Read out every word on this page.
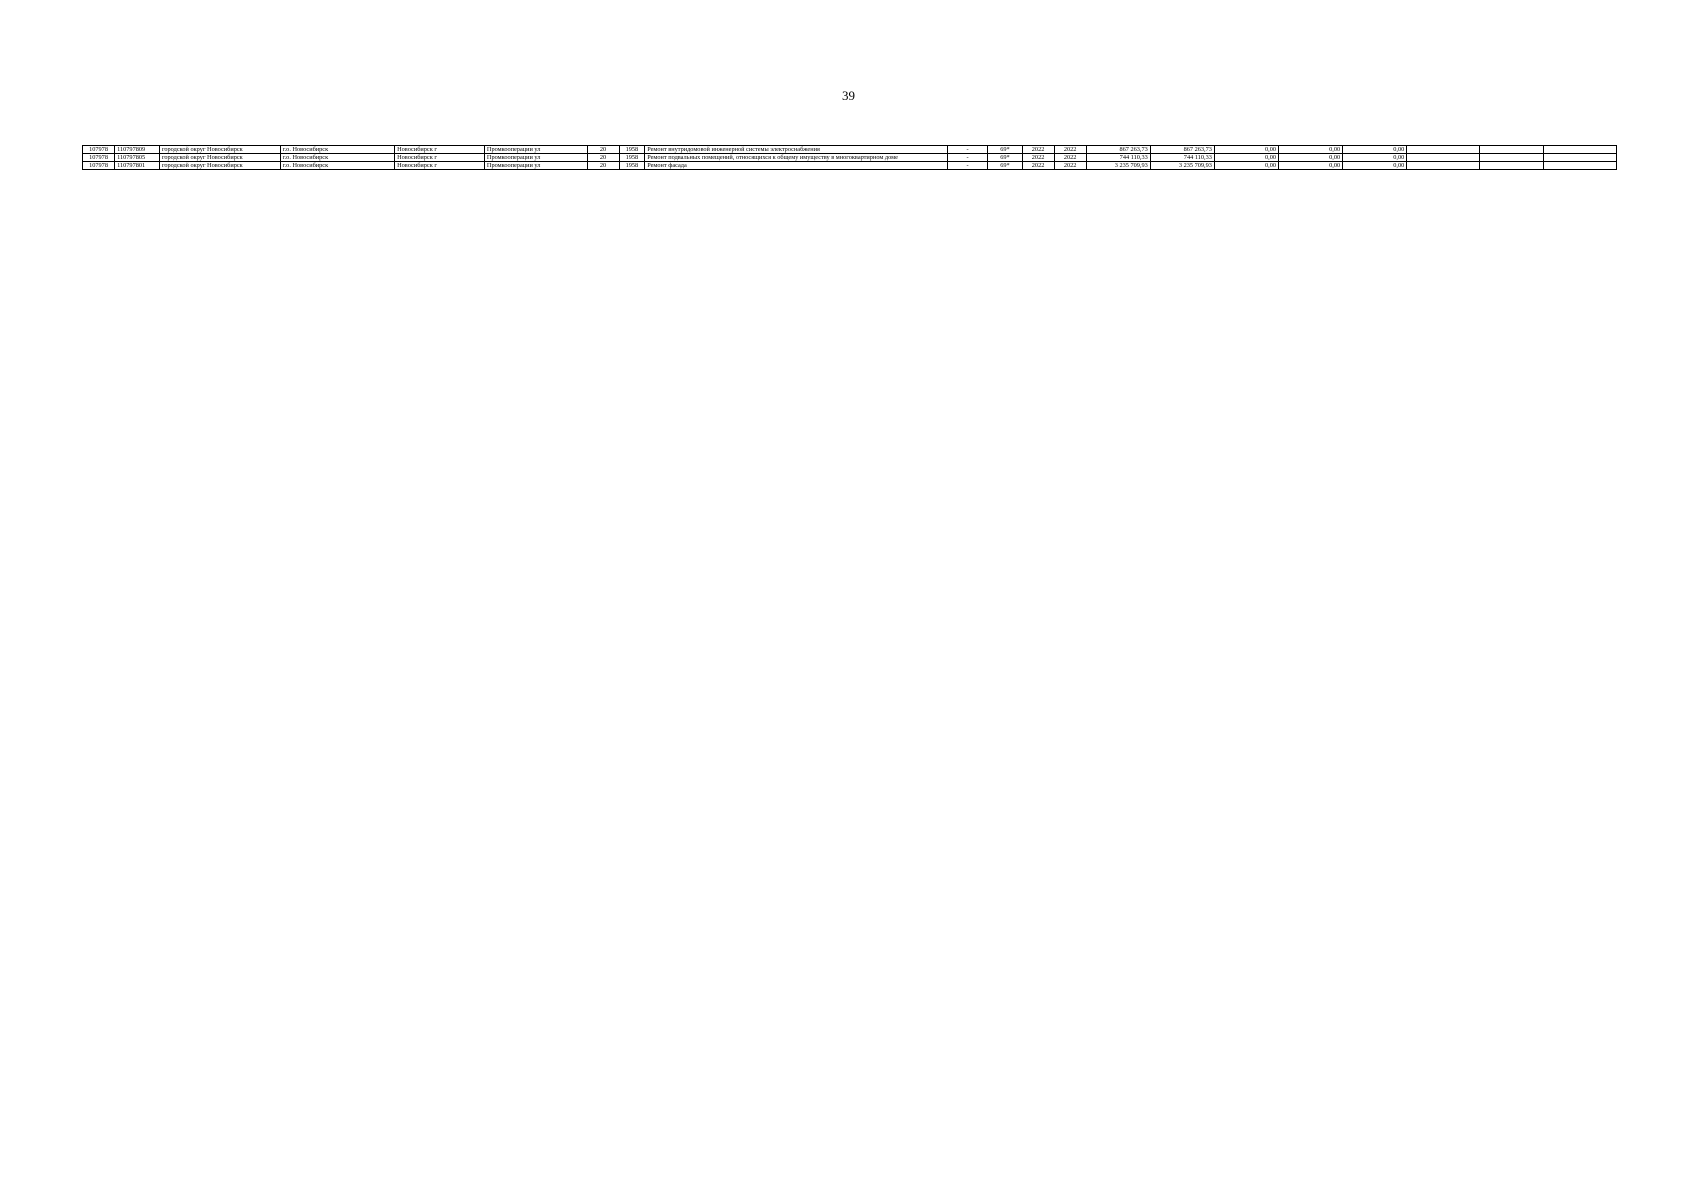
39
107978	110797809	городской округ Новосибирск	г.о. Новосибирск	Новосибирск г	Промкооперации ул	20	1958	Ремонт внутридомовой инженерной системы электроснабжения	-	69*	2022	2022	867 263,73	867 263,73	0,00	0,00	0,00			
107978	110797805	городской округ Новосибирск	г.о. Новосибирск	Новосибирск г	Промкооперации ул	20	1958	Ремонт подвальных помещений, относящихся к общему имуществу в многоквартирном доме	-	69*	2022	2022	744 110,33	744 110,33	0,00	0,00	0,00			
107978	110797801	городской округ Новосибирск	г.о. Новосибирск	Новосибирск г	Промкооперации ул	20	1958	Ремонт фасада	-	69*	2022	2022	3 235 709,93	3 235 709,93	0,00	0,00	0,00			
